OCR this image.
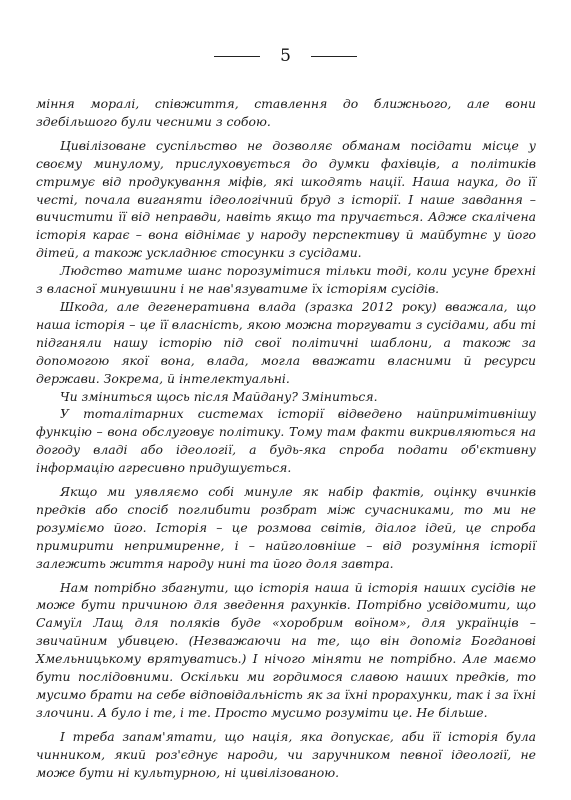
5

міння моралі, співжиття, ставлення до ближнього, але вони здебільшого були чесними з собою.

Цивілізоване суспільство не дозволяє обманам посідати місце у своєму минулому, прислуховується до думки фахівців, а політиків стримує від продукування міфів, які шкодять нації. Наша наука, до її честі, почала виганяти ідеологічний бруд з історії. І наше завдання – вичистити її від неправди, навіть якщо та пручається. Адже скалічена історія карає – вона віднімає у народу перспективу й майбутнє у його дітей, а також ускладнює стосунки з сусідами.

Людство матиме шанс порозумітися тільки тоді, коли усуне брехні з власної минувшини і не нав'язуватиме їх історіям сусідів.

Шкода, але дегенеративна влада (зразка 2012 року) вважала, що наша історія – це її власність, якою можна торгувати з сусідами, аби ті підганяли нашу історію під свої політичні шаблони, а також за допомогою якої вона, влада, могла вважати власними й ресурси держави. Зокрема, й інтелектуальні.

Чи зміниться щось після Майдану? Зміниться.

У тоталітарних системах історії відведено найпримітивнішу функцію – вона обслуговує політику. Тому там факти викривляються на догоду владі або ідеології, а будь-яка спроба подати об'єктивну інформацію агресивно придушується.

Якщо ми уявляємо собі минуле як набір фактів, оцінку вчинків предків або спосіб поглибити розбрат між сучасниками, то ми не розуміємо його. Історія – це розмова світів, діалог ідей, це спроба примирити непримиренне, і – найголовніше – від розуміння історії залежить життя народу нині та його доля завтра.

Нам потрібно збагнути, що історія наша й історія наших сусідів не може бути причиною для зведення рахунків. Потрібно усвідомити, що Самуїл Лащ для поляків буде «хоробрим воїном», для українців – звичайним убивцею. (Незважаючи на те, що він допоміг Богданові Хмельницькому врятуватись.) І нічого міняти не потрібно. Але маємо бути послідовними. Оскільки ми гордимося славою наших предків, то мусимо брати на себе відповідальність як за їхні прорахунки, так і за їхні злочини. А було і те, і те. Просто мусимо розуміти це. Не більше.

І треба запам'ятати, що нація, яка допускає, аби її історія була чинником, який роз'єднує народи, чи заручником певної ідеології, не може бути ні культурною, ні цивілізованою.
